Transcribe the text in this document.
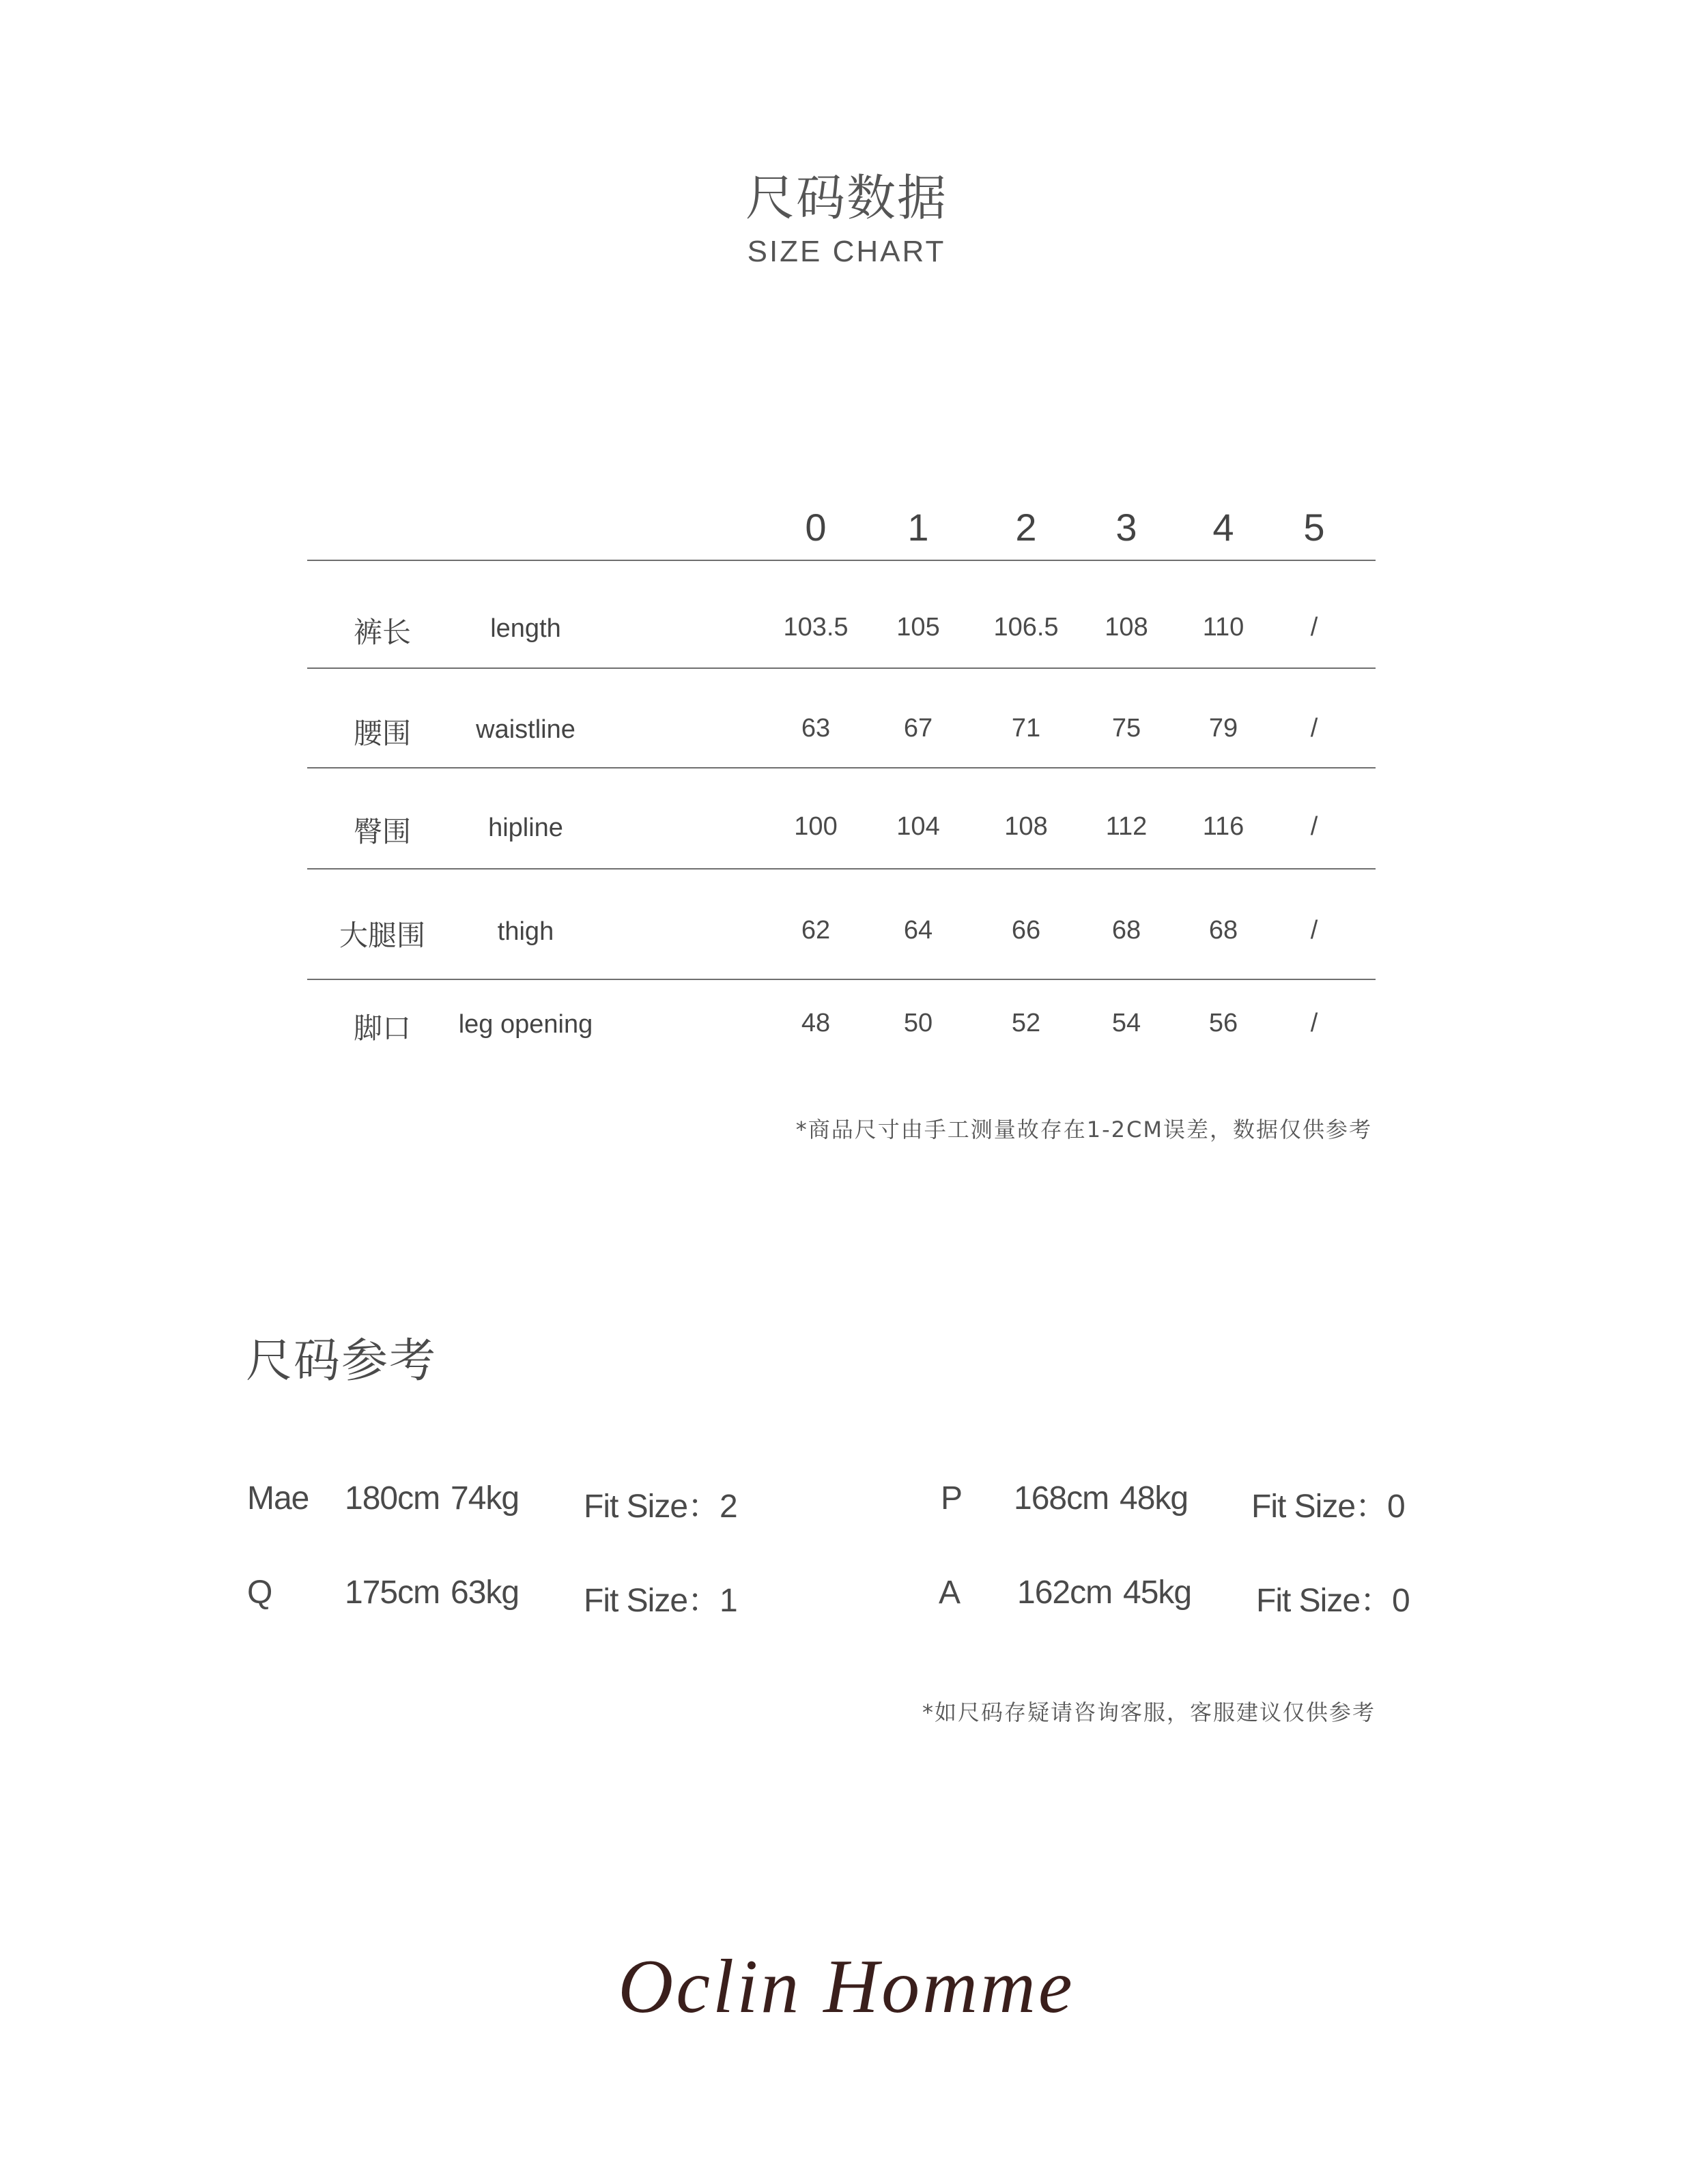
尺码数据
SIZE CHART
0	1	2	3	4	5
裤长	length	103.5	105	106.5	108	110	/
腰围	waistline	63	67	71	75	79	/
臀围	hipline	100	104	108	112	116	/
大腿围	thigh	62	64	66	68	68	/
脚口	leg opening	48	50	52	54	56	/
*商品尺寸由手工测量故存在1-2CM误差，数据仅供参考
尺码参考
Mae 180cm 74kg Fit Size：2	P 168cm 48kg Fit Size：0
Q 175cm 63kg Fit Size：1	A 162cm 45kg Fit Size：0
*如尺码存疑请咨询客服，客服建议仅供参考
Oclin Homme
